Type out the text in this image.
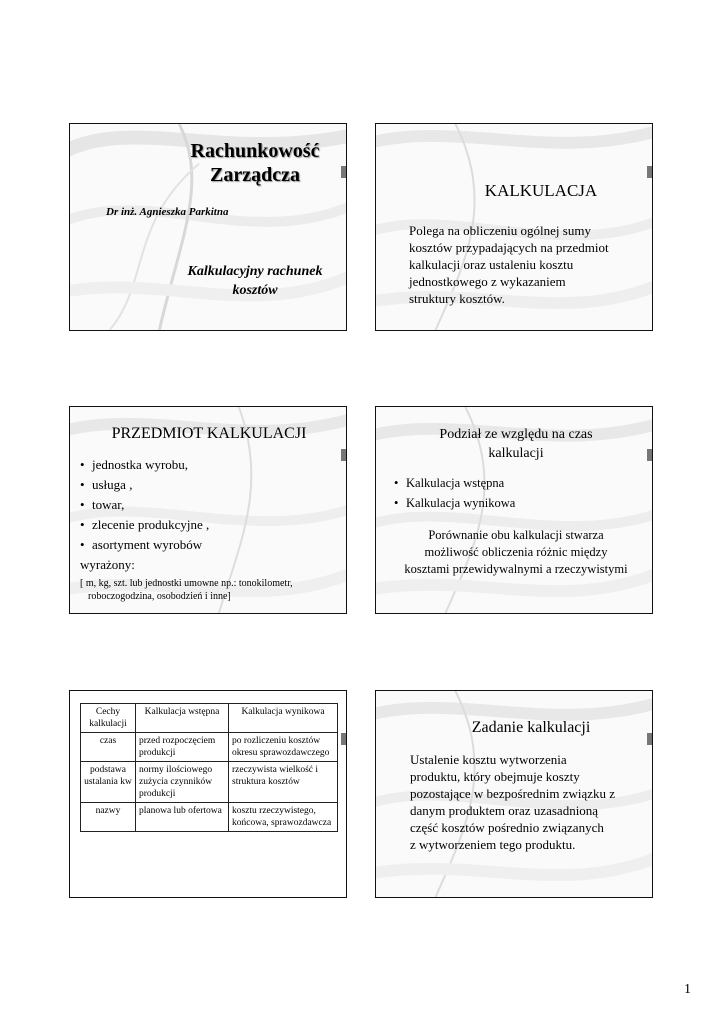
Rachunkowość
Zarządcza
Dr inż. Agnieszka Parkitna
Kalkulacyjny rachunek
kosztów
KALKULACJA
Polega na obliczeniu ogólnej sumy
kosztów przypadających na przedmiot
kalkulacji oraz ustaleniu kosztu
jednostkowego z wykazaniem
struktury kosztów.
PRZEDMIOT KALKULACJI
• jednostka wyrobu,
• usługa ,
• towar,
• zlecenie produkcyjne ,
• asortyment wyrobów
wyrażony:
[ m, kg, szt. lub jednostki umowne np.: tonokilometr,
roboczogodzina, osobodzień i inne]
Podział ze względu na czas
kalkulacji
• Kalkulacja wstępna
• Kalkulacja wynikowa
Porównanie obu kalkulacji stwarza
możliwość obliczenia różnic między
kosztami przewidywalnymi a rzeczywistymi
Cechy kalkulacji	Kalkulacja wstępna	Kalkulacja wynikowa
czas	przed rozpoczęciem produkcji	po rozliczeniu kosztów okresu sprawozdawczego
podstawa ustalania kw	normy ilościowego zużycia czynników produkcji	rzeczywista wielkość i struktura kosztów
nazwy	planowa lub ofertowa	kosztu rzeczywistego, końcowa, sprawozdawcza
Zadanie kalkulacji
Ustalenie kosztu wytworzenia
produktu, który obejmuje koszty
pozostające w bezpośrednim związku z
danym produktem oraz uzasadnioną
część kosztów pośrednio związanych
z wytworzeniem tego produktu.
1
